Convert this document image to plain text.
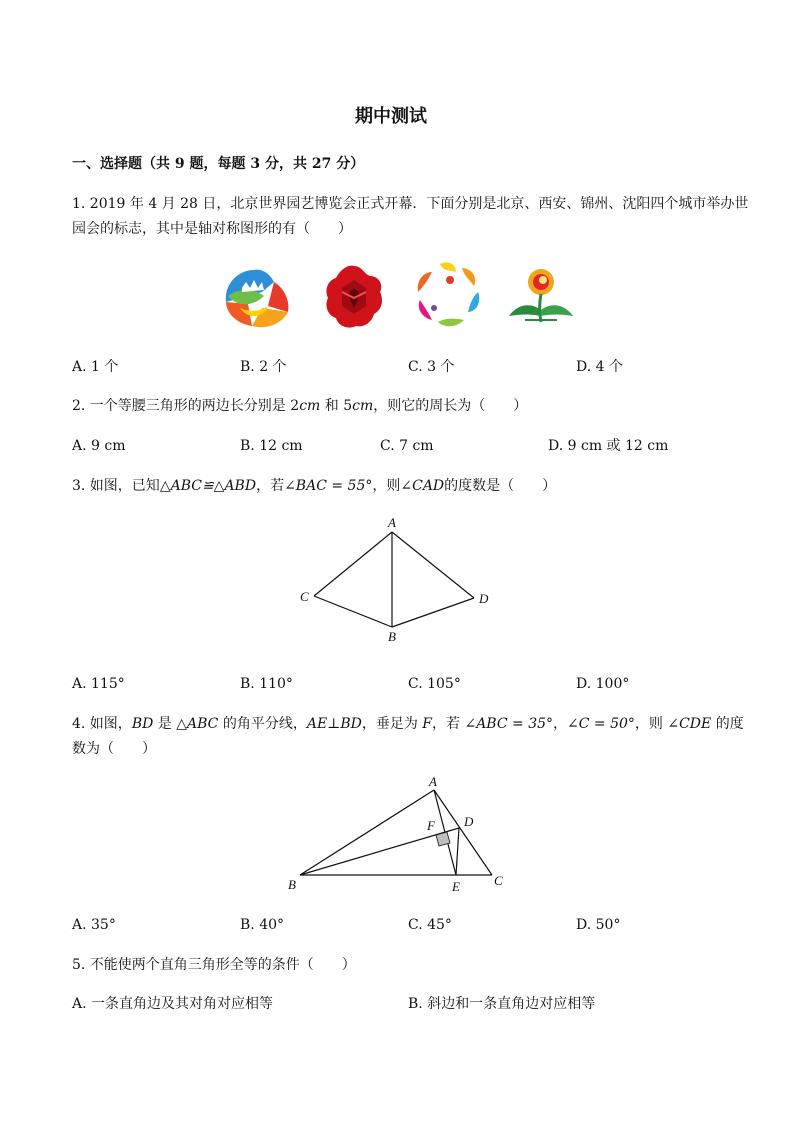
期中测试
一、选择题（共 9 题，每题 3 分，共 27 分）
1. 2019 年 4 月 28 日，北京世界园艺博览会正式开幕．下面分别是北京、西安、锦州、沈阳四个城市举办世
园会的标志，其中是轴对称图形的有（　　）
A. 1 个	B. 2 个	C. 3 个	D. 4 个
2. 一个等腰三角形的两边长分别是 2cm 和 5cm，则它的周长为（　　）
A. 9 cm	B. 12 cm	C. 7 cm	D. 9 cm 或 12 cm
3. 如图，已知△ABC≌△ABD，若∠BAC = 55°，则∠CAD的度数是（　　）
A
C	D
B
A. 115°	B. 110°	C. 105°	D. 100°
4. 如图，BD 是 △ABC 的角平分线，AE⊥BD，垂足为 F，若 ∠ABC = 35°，∠C = 50°，则 ∠CDE 的度
数为（　　）
A
F D
B	E	C
A. 35°	B. 40°	C. 45°	D. 50°
5. 不能使两个直角三角形全等的条件（　　）
A. 一条直角边及其对角对应相等	B. 斜边和一条直角边对应相等
